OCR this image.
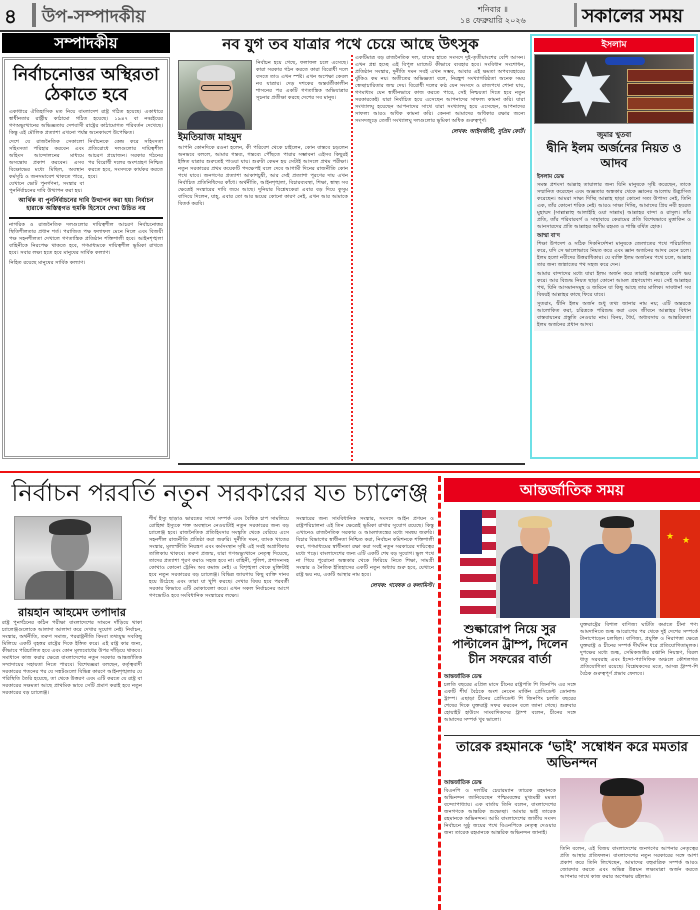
৪ উপ-সম্পাদকীয়	শনিবার ॥
১৪ ফেব্রুয়ারি ২০২৬	সকালের সময়
সম্পাদকীয়
নির্বাচনোত্তর অস্থিরতা ঠেকাতে হবে
একাধারে ঐতিহাসিক মত নিয়ে বাংলাদেশ রাষ্ট্র গঠিত হয়েছে। একাধারে স্বাধীনতার রাষ্ট্রীয় কাঠামো গঠিত হয়েছে। ১৯৪৭ বা নব্বইয়ের গণঅভ্যুত্থানের অভিজ্ঞতায় দেশবাসী রাষ্ট্রের কাঠামোগত পরিবর্তন দেখেছে। কিন্তু এই মৌলিক প্রত্যাশা এখনো পর্যন্ত অনেকাংশে উপেক্ষিত।
দেশে যে রাজনৈতিক সেকালো সহিংসতা পরিহার করবেন এবং অহিংস আন্দোলনের মাধ্যমে অসন্তোষ প্রকাশ করবেন। এসব বিক্ষোভের মধ্যে মিছিল, অবস্থান কর্মসূচি ও জনসমাবেশ থাকতে পারে, যেখানে ভোট পুনর্গণনা, সংস্কার বা পুনর্নির্বাচনের দাবি উত্থাপন করা হয়।
নির্বাচনকে কেন্দ্র করে সহিংসতা প্রতিরোধে দলগুলোর দায়িত্বশীল আচরণ প্রয়োজন। সরকার গঠনের পর বিরোধী দলের অংশগ্রহণ নিশ্চিত করতে হবে, সংসদকে কার্যকর করতে হবে।
আর্থিক বা পুনর্নির্বাচনের দাবি উত্থাপন করা হয়। নির্বাচন হারাকে অস্তিত্বগত হুমকি হিসেবে দেখা উচিত নয়
নাগরিক ও রাজনৈতিক দলগুলোর দায়িত্বশীল আচরণ নির্বাচনোত্তর স্থিতিশীলতার প্রধান শর্ত। পরাজিত পক্ষ ফলাফল মেনে নিলে এবং বিজয়ী পক্ষ সহনশীলতা দেখালে গণতান্ত্রিক প্রতিষ্ঠান শক্তিশালী হবে। আইনশৃঙ্খলা বাহিনীকে নিরপেক্ষ থাকতে হবে, গণমাধ্যমকে দায়িত্বশীল ভূমিকা রাখতে হবে। সবার লক্ষ্য হতে হবে মানুষের সার্বিক কল্যাণ।
নিহিত রয়েছে মানুষের সার্বিক কল্যাণ।
নব যুগ তব যাত্রার পথে চেয়ে আছে উৎসুক
ইমতিয়াজ মাহমুদ
নির্বাচন হয়ে গেছে, ফলাফল চলে এসেছে। কারা সরকার গঠন করতে কারা বিরোধী দলে বসতে তাও এখন স্পষ্ট। এখন অপেক্ষা কেবল নব যাত্রার। দেড় দশকের অন্তর্বর্তীকালীন শাসনের পর একটি গণতান্ত্রিক অভিযাত্রার সূচনার প্রতীক্ষা করছে দেশের সব মানুষ।
আপনি কোনদিকে রওনা হলেন, কী পরিবেশ থেকে চাইলেন, কোন বাস্তবে চড়লেন অনভবে বললে, আমার গন্তব্য, গন্তব্যে পৌঁছতে পারার সম্ভাবনা এইসব কিছুরই ইঙ্গিত যাত্রার শুরুতেই পাওয়া যায়। শুরুটা কেমন হয় সেটাই আসলে প্রথম পরীক্ষা। নতুন সরকারের প্রথম কয়েকটি পদক্ষেপই বলে দেবে আগামী দিনের রাজনীতি কোন পথে যাবে। জনগণের প্রত্যাশা আকাশচুম্বী, আর সেই প্রত্যাশা পূরণের দায় এখন নির্বাচিত প্রতিনিধিদের কাঁধে। অর্থনীতি, আইনশৃঙ্খলা, বিচারব্যবস্থা, শিক্ষা, স্বাস্থ্য সব ক্ষেত্রেই সংস্কারের দাবি জমে আছে। দুনিয়ার বিশ্লেষকেরা এবার বড় দিয়ে কুসুম বাসিয়ে দিলেন, যাহ্‌, এবার তো আর ভয়ের কোনো কারণ নেই, এখন আর আমাকে বিতর্ক করবি।
একটিমাত্র বড় রাজনৈতিক দল, যাদের হাতে সংসদে দুই-তৃতীয়াংশের বেশি আসন। এখন প্রশ্ন হচ্ছে এই বিপুল ম্যান্ডেট কীভাবে ব্যবহার হবে। সংবিধান সংশোধন, প্রতিষ্ঠান সংস্কার, দুর্নীতি দমন সবই এখন সম্ভব, আবার এই ক্ষমতা অপব্যবহারের ঝুঁকিও কম নয়। অতীতের অভিজ্ঞতা বলে, নিরঙ্কুশ সংখ্যাগরিষ্ঠতা অনেক সময় স্বেচ্ছাচারিতার জন্ম দেয়। বিরোধী দলের কণ্ঠ যেন সংসদে ও রাজপথে শোনা যায়, গণমাধ্যম যেন স্বাধীনভাবে কাজ করতে পারে, সেই নিশ্চয়তা দিতে হবে নতুন সরকারকেই। যারা নির্বাচিত হয়ে এসেছেন আপনাদের সাফল্য কামনা করি। যারা সংখ্যালঘু হয়েছেন আপনাদের সাথে যারা সংখ্যালঘু হয়ে এসেছেন, আপনাদের সাফল্য আরও অধিক কামনা করি। কেননা আমাদের অধিকার রক্ষার জন্যে সংসদজুড়ে তেজী সংখ্যালঘু দলগুলোর ভূমিকা অধিক গুরুত্বপূর্ণ।
লেখক: আইনজীবী, সুপ্রিম কোর্ট।
ইসলাম
জুমার খুতবা
দ্বীনি ইলম অর্জনের নিয়ত ও আদব
ইসলাম ডেস্ক
সমস্ত প্রশংসা আল্লাহ তায়ালার জন্য যিনি মানুষকে সৃষ্টি করেছেন, তাকে সম্মানিত করেছেন এবং অজ্ঞতার অন্ধকার থেকে জ্ঞানের আলোয় উদ্ভাসিত করেছেন। আমরা সাক্ষ্য দিচ্ছি আল্লাহ ছাড়া কোনো সত্য উপাস্য নেই, তিনি এক, তাঁর কোনো শরিক নেই। আরও সাক্ষ্য দিচ্ছি, আমাদের প্রিয় নবী হযরত মুহাম্মদ (সাল্লাল্লাহু আলাইহি ওয়া সাল্লাম) আল্লাহর বান্দা ও রাসুল। তাঁর প্রতি, তাঁর পরিবারবর্গ ও সাহাবায়ে কেরামের প্রতি বিশেষভাবে মুত্তাকিন ও আনসারদের প্রতি আল্লাহর অসীম রহমত ও শান্তি বর্ষিত হোক।
আম্মা বা'দ
শিক্ষা উপদেশ ও সঠিক দিকনির্দেশনা মানুষকে জেলাতের পথে পরিচালিত করে, যদি সে ভালোভাবে নিয়ত করে এবং জ্ঞান অর্জনের আদব মেনে চলে। ইলম হলো নবীদের উত্তরাধিকার। যে ব্যক্তি ইলম অর্জনের পথে চলে, আল্লাহ তার জন্য জান্নাতের পথ সহজ করে দেন।
আমার বান্দাদের মধ্যে যারা ইলম অর্জন করে তারাই আল্লাহকে বেশি ভয় করে। আর বিশুদ্ধ নিয়ত ছাড়া কোনো আমল গ্রহণযোগ্য নয়। সেই আল্লাহর পথ, যিনি আসমানসমূহ ও জমিনে যা কিছু আছে তার মালিক। সাবধান! সব বিষয়ই আল্লাহর কাছে ফিরে যাবে।
সুতরাং, দ্বীনি ইলম অর্জন শুধু তথ্য জানার নাম নয়; এটি অন্তরকে আলোকিত করা, চরিত্রকে পরিশুদ্ধ করা এবং জীবনে আল্লাহর বিধান বাস্তবায়নের প্রস্তুতি নেওয়ার নাম। বিনয়, ধৈর্য, অধ্যবসায় ও আন্তরিকতা ইলম অর্জনের প্রধান আদব।
নির্বাচন পরবর্তি নতুন সরকারের যত চ্যালেঞ্জ
রায়হান আহমেদ তপাদার
রাষ্ট্র পুনর্গঠনের কঠিন পরীক্ষা বাংলাদেশের সামনে দাঁড়িয়ে থাকা চ্যালেঞ্জগুলোকে আলাদা আলাদা করে দেখার সুযোগ নেই। নির্বাচন, সংস্কার, অর্থনীতি, তরুণ সমাজ, পররাষ্ট্রনীতি কিংবা তথ্যযুদ্ধ সবকিছু মিলিয়ে একটি বৃহত্তর রাষ্ট্রের দিকে ইঙ্গিত করে। এই রাষ্ট্র কার জন্য, কীভাবে পরিচালিত হবে এবং কোন মূল্যবোধের উপর দাঁড়িয়ে থাকবে। সমাধানে কাজ করার ক্ষেত্রে বাংলাদেশের নতুন সরকার আন্তর্জাতিক সম্প্রদায়ের সহায়তা নিতে পারবে। বিশেষজ্ঞরা বলছেন, কর্তৃত্ববাদী সরকারের পতনের পর যে সঙ্কটগুলো বিভিন্ন কারণে আইনশৃঙ্খলার যে পরিস্থিতি তৈরি হয়েছে, তা থেকে উত্তরণ এবং এটি করতে যে রাষ্ট্র বা সরকারের সক্ষমতা আছে প্রাথমিক ভাবে সেটি প্রমাণ করাই হবে নতুন সরকারের বড় চ্যালেঞ্জ।
শীর্ষ ইস্যু ছাড়াও ভারতের সাথে সম্পর্ক এবং বৈশ্বিক চাপ সামলিয়ে রোহিঙ্গা ইস্যুকে শক্ত অবস্থানে নেওয়াটাই নতুন সরকারের জন্য বড় চ্যালেঞ্জ হবে। রাজনৈতিক প্রতিহিংসার সংস্কৃতি থেকে বেরিয়ে এসে সহনশীল রাজনীতি প্রতিষ্ঠা করা জরুরি। দুর্নীতি দমন, ব্যাংক খাতের সংস্কার, মূল্যস্ফীতি নিয়ন্ত্রণ এবং কর্মসংস্থান সৃষ্টি এই সবই অগ্রাধিকার তালিকায় থাকবে। তরুণ প্রজন্ম, যারা গণঅভ্যুত্থানে নেতৃত্ব দিয়েছে, তাদের প্রত্যাশা পূরণ করাও সহজ হবে না। বাহিনী, পুলিশ, প্রশাসনসহ কোথাও কোনো ট্রেনিং অব কমান্ড নেই। এ বিশৃঙ্খলা থেকে মুক্তিটাই হবে নতুন সরকারের বড় চ্যালেঞ্জ। বিভিন্ন জায়গায় কিছু ব্যক্তি দানব হয়ে উঠেছে এবং তারা যা খুশি করছে। দেখার বিষয় হবে পরবর্তী সরকার কিভাবে এটি মোকাবেলা করে। এখন সকল নির্বাচনের আগে গণভোটও হবে সংবিধানিক সংস্কারের লক্ষ্যে।
সংস্কারের জন্য সাংবিধানিক সংস্কার, সংসদে আইন প্রণয়ন ও রাষ্ট্রপরিচালনা এই তিন ক্ষেত্রেই ভূমিকা রাখার সুযোগ রয়েছে। কিন্তু এখানেও রাজনৈতিক সরকার ও আমলাতন্ত্রের মধ্যে সমন্বয় জরুরি। বিচার বিভাগের স্বাধীনতা নিশ্চিত করা, নির্বাচন কমিশনকে শক্তিশালী করা, গণমাধ্যমের স্বাধীনতা রক্ষা করা সবই নতুন সরকারের দায়িত্বের মধ্যে পড়ে। বাংলাদেশের জন্য এটি একটি শেষ বড় সুযোগ। ভুল পথে না গিয়ে পুরোনো অন্ধকার থেকে ফিরিয়ে নিতে শিক্ষা, সামগ্রী সংস্কার ও নৈতিক ইতিহাসের একটি নতুন অধ্যায় শুরু হবে, যেখানে রাষ্ট্র ভয় নয়, একটি আস্থার নাম হবে।
লেখক: গবেষক ও কলামিস্ট।
আন্তর্জাতিক সময়
★ ★
শুল্কারোপ নিয়ে সুর পাল্টালেন ট্রাম্প, দিলেন চীন সফরের বার্তা
আন্তর্জাতিক ডেস্ক
চলতি বছরের এপ্রিল মাসে চীনের রাষ্ট্রপতি শি জিনপিং এর সঙ্গে একটি শীর্ষ বৈঠকে অংশ নেবেন মার্কিন প্রেসিডেন্ট ডোনাল্ড ট্রাম্প। এছাড়া চীনের প্রেসিডেন্ট শি জিনপিং চলতি বছরের শেষের দিকে যুক্তরাষ্ট্র সফর করবেন বলে জানা গেছে। শুক্রবার হোয়াইট হাউসে সাংবাদিকদের ট্রাম্প বলেন, চীনের সঙ্গে আমাদের সম্পর্ক খুব ভালো।
যুক্তরাষ্ট্রের বিশাল বাণিজ্য ঘাটতি কমাতে চীনা পণ্য আমদানিতে শুল্ক আরোপের পর থেকে দুই দেশের সম্পর্কে টানাপোড়েন চলছিল। বাণিজ্য, প্রযুক্তি ও নিরাপত্তা ক্ষেত্রে যুক্তরাষ্ট্র ও চীনের সম্পর্ক দীর্ঘদিন ধরে প্রতিযোগিতামূলক। দুপক্ষের মধ্যে শুল্ক, সেমিকন্ডাক্টর রপ্তানি নিয়ন্ত্রণ, বিরল ধাতু সরবরাহ এবং ইন্দো-প্যাসিফিক অঞ্চলে কৌশলগত প্রতিযোগিতা রয়েছে। বিশ্লেষকদের মতে, আসন্ন ট্রাম্প-শি বৈঠক গুরুত্বপূর্ণ প্রভাব ফেলবে।
তারেক রহমানকে ‘ভাই’ সম্বোধন করে মমতার অভিনন্দন
আন্তর্জাতিক ডেস্ক
বিএনপি ও দলটির চেয়ারম্যান তারেক রহমানকে অভিনন্দন জানিয়েছেন পশ্চিমবঙ্গের মুখ্যমন্ত্রী মমতা বন্দ্যোপাধ্যায়। এক বার্তায় তিনি বলেন, বাংলাদেশের জনগণকে আন্তরিক শুভেচ্ছা। আমার ভাই তারেক রহমানকে অভিনন্দন। আমি বাংলাদেশের জাতীয় সংসদ নির্বাচনে সুষ্ঠু জয়ের পথে বিএনপিকে নেতৃত্ব দেওয়ার জন্য তারেক রহমানকে আন্তরিক অভিনন্দন জানাই।
তিনি বলেন, এই বিজয় বাংলাদেশের জনগণের আপনার নেতৃত্বের প্রতি আস্থার প্রতিফলন। বাংলাদেশের নতুন সরকারের সঙ্গে আশা প্রকাশ করে তিনি লিখেছেন, আমাদের বহুমাত্রিক সম্পর্ক আরও জোরদার করতে এবং অভিন্ন উন্নয়ন লক্ষ্যমাত্রা অর্জন করতে আপনার সাথে কাজ করার অপেক্ষায় রইলাম।
